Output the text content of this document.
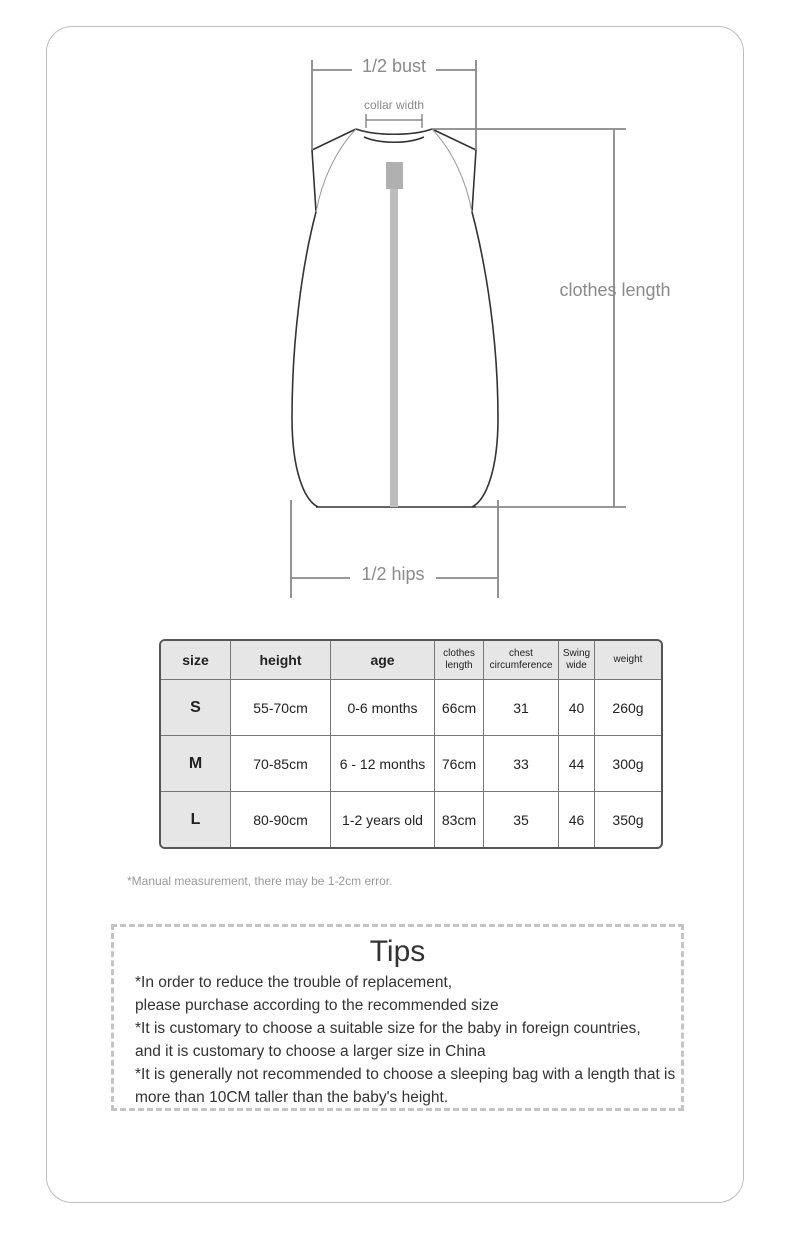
1/2 bust
collar width
clothes length
1/2 hips
size	height	age	clothes length	chest circumference	Swing wide	weight
S	55-70cm	0-6 months	66cm	31	40	260g
M	70-85cm	6 - 12 months	76cm	33	44	300g
L	80-90cm	1-2 years old	83cm	35	46	350g
*Manual measurement, there may be 1-2cm error.
Tips
*In order to reduce the trouble of replacement,
please purchase according to the recommended size
*It is customary to choose a suitable size for the baby in foreign countries,
and it is customary to choose a larger size in China
*It is generally not recommended to choose a sleeping bag with a length that is
more than 10CM taller than the baby's height.
